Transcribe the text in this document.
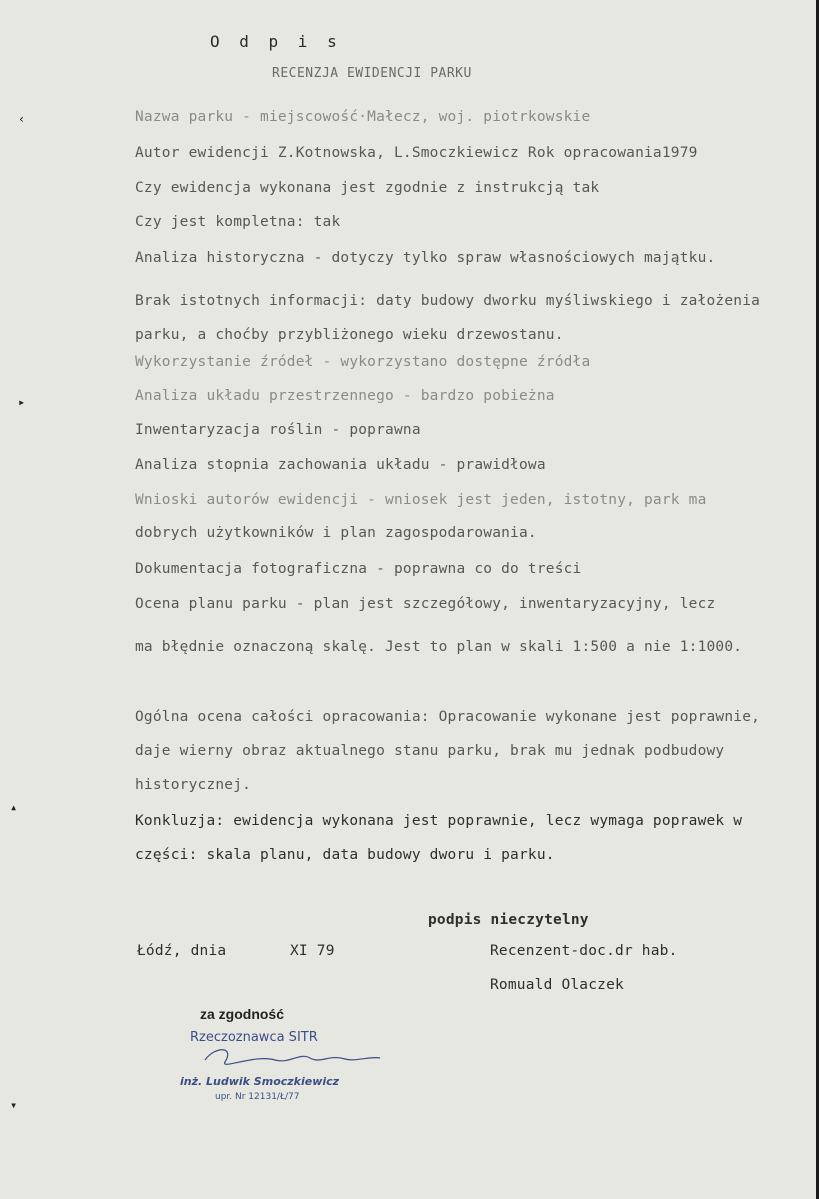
‹
▸
▴
▾
O d p i s
RECENZJA EWIDENCJI PARKU
Nazwa parku - miejscowość·Małecz, woj. piotrkowskie
Autor ewidencji Z.Kotnowska, L.Smoczkiewicz Rok opracowania1979
Czy ewidencja wykonana jest zgodnie z instrukcją tak
Czy jest kompletna: tak
Analiza historyczna - dotyczy tylko spraw własnościowych majątku.
Brak istotnych informacji: daty budowy dworku myśliwskiego i założenia parku, a choćby przybliżonego wieku drzewostanu.
Wykorzystanie źródeł - wykorzystano dostępne źródła
Analiza układu przestrzennego - bardzo pobieżna
Inwentaryzacja roślin - poprawna
Analiza stopnia zachowania układu - prawidłowa
Wnioski autorów ewidencji - wniosek jest jeden, istotny, park ma
dobrych użytkowników i plan zagospodarowania.
Dokumentacja fotograficzna - poprawna co do treści
Ocena planu parku - plan jest szczegółowy, inwentaryzacyjny, lecz
ma błędnie oznaczoną skalę. Jest to plan w skali 1:500 a nie 1:1000.
Ogólna ocena całości opracowania: Opracowanie wykonane jest poprawnie, daje wierny obraz aktualnego stanu parku, brak mu jednak podbudowy historycznej.
Konkluzja: ewidencja wykonana jest poprawnie, lecz wymaga poprawek w części: skala planu, data budowy dworu i parku.
podpis nieczytelny
Łódź, dnia	XI 79	Recenzent-doc.dr hab.
Romuald Olaczek
za zgodność
Rzeczoznawca SITR
inż. Ludwik Smoczkiewicz
upr. Nr 12131/Ł/77
